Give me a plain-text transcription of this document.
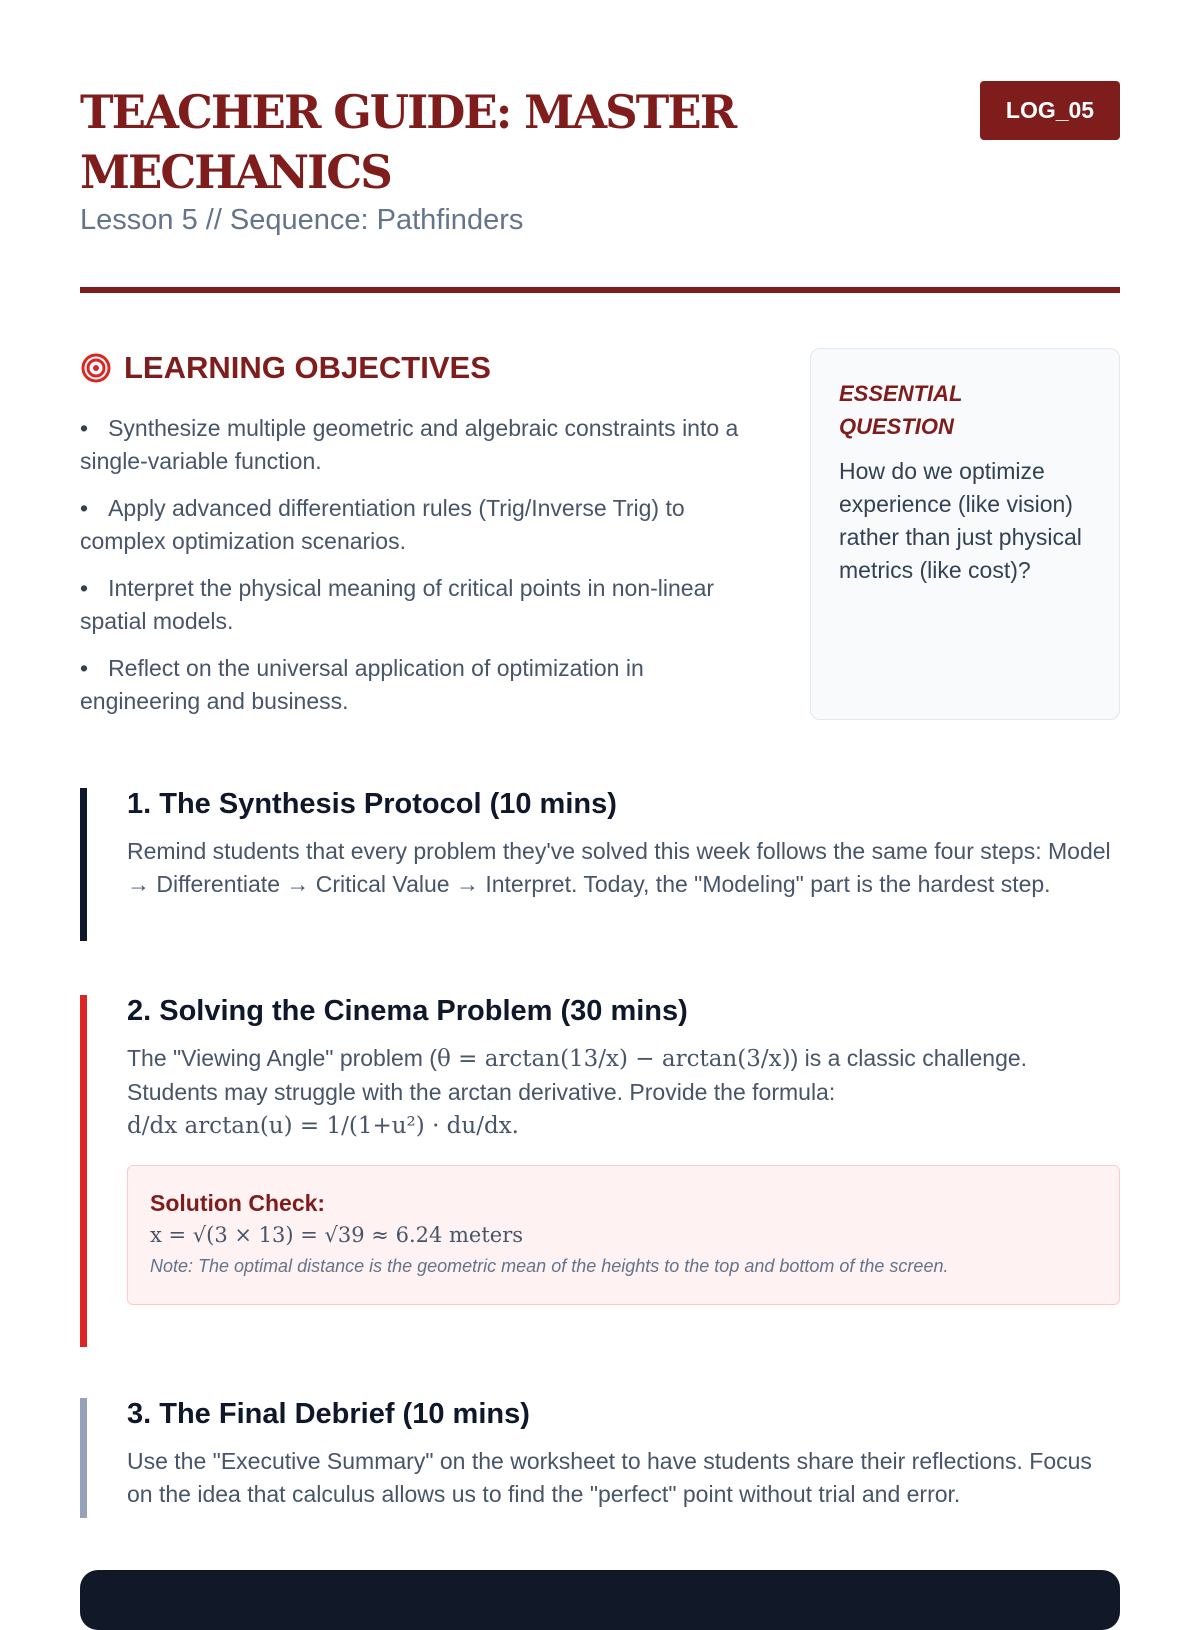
TEACHER GUIDE: MASTER MECHANICS
LOG_05
Lesson 5 // Sequence: Pathfinders
LEARNING OBJECTIVES
• Synthesize multiple geometric and algebraic constraints into a single-variable function.
• Apply advanced differentiation rules (Trig/Inverse Trig) to complex optimization scenarios.
• Interpret the physical meaning of critical points in non-linear spatial models.
• Reflect on the universal application of optimization in engineering and business.
ESSENTIAL QUESTION
How do we optimize experience (like vision) rather than just physical metrics (like cost)?
1. The Synthesis Protocol (10 mins)

Remind students that every problem they've solved this week follows the same four steps: Model → Differentiate → Critical Value → Interpret. Today, the "Modeling" part is the hardest step.

2. Solving the Cinema Problem (30 mins)

The "Viewing Angle" problem (θ = arctan(13/x) − arctan(3/x)) is a classic challenge. Students may struggle with the arctan derivative. Provide the formula:
d/dx arctan(u) = 1/(1+u²) · du/dx.

Solution Check:
x = √(3 × 13) = √39 ≈ 6.24 meters
Note: The optimal distance is the geometric mean of the heights to the top and bottom of the screen.
3. The Final Debrief (10 mins)

Use the "Executive Summary" on the worksheet to have students share their reflections. Focus on the idea that calculus allows us to find the "perfect" point without trial and error.
